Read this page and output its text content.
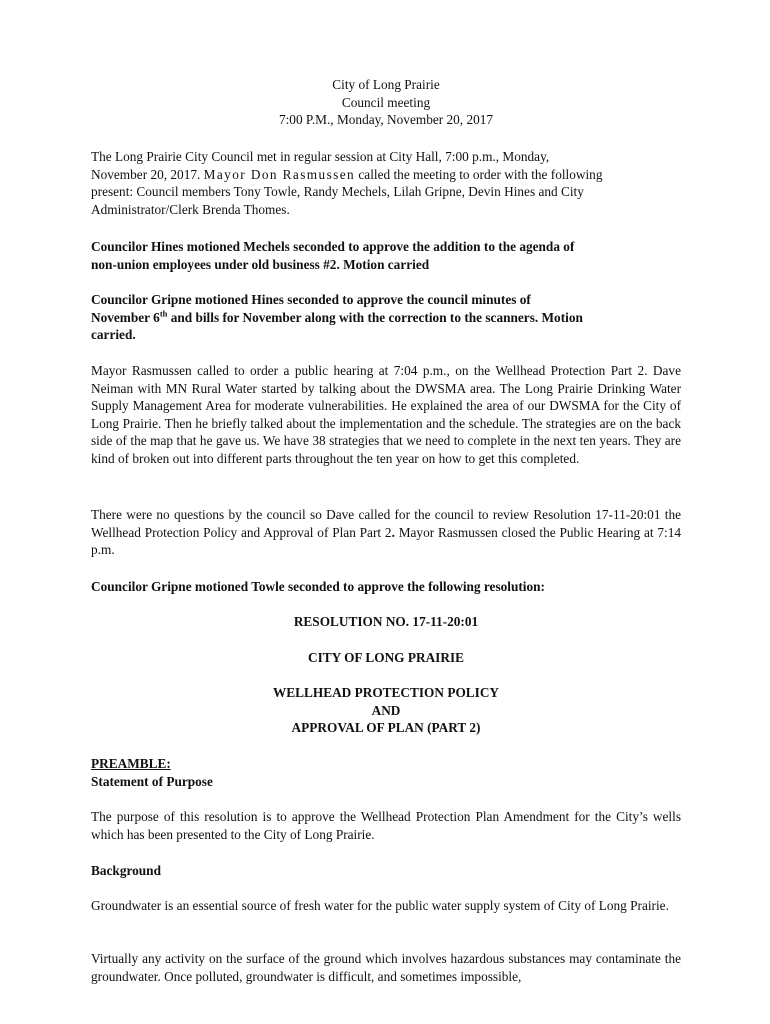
City of Long Prairie
Council meeting
7:00 P.M., Monday, November 20, 2017
The Long Prairie City Council met in regular session at City Hall, 7:00 p.m., Monday,
November 20, 2017. Mayor Don Rasmussen called the meeting to order with the following
present: Council members Tony Towle, Randy Mechels, Lilah Gripne, Devin Hines and City
Administrator/Clerk Brenda Thomes.
Councilor Hines motioned Mechels seconded to approve the addition to the agenda of
non-union employees under old business #2. Motion carried
Councilor Gripne motioned Hines seconded to approve the council minutes of
November 6th and bills for November along with the correction to the scanners. Motion
carried.

Mayor Rasmussen called to order a public hearing at 7:04 p.m., on the Wellhead Protection Part 2. Dave Neiman with MN Rural Water started by talking about the DWSMA area. The Long Prairie Drinking Water Supply Management Area for moderate vulnerabilities. He explained the area of our DWSMA for the City of Long Prairie. Then he briefly talked about the implementation and the schedule. The strategies are on the back side of the map that he gave us. We have 38 strategies that we need to complete in the next ten years. They are kind of broken out into different parts throughout the ten year on how to get this completed.

There were no questions by the council so Dave called for the council to review Resolution 17-11-20:01 the Wellhead Protection Policy and Approval of Plan Part 2. Mayor Rasmussen closed the Public Hearing at 7:14 p.m.

Councilor Gripne motioned Towle seconded to approve the following resolution:
RESOLUTION NO. 17-11-20:01
CITY OF LONG PRAIRIE
WELLHEAD PROTECTION POLICY
AND
APPROVAL OF PLAN (PART 2)
PREAMBLE:
Statement of Purpose

The purpose of this resolution is to approve the Wellhead Protection Plan Amendment for the City’s wells which has been presented to the City of Long Prairie.

Background

Groundwater is an essential source of fresh water for the public water supply system of City of Long Prairie.

Virtually any activity on the surface of the ground which involves hazardous substances may contaminate the groundwater. Once polluted, groundwater is difficult, and sometimes impossible,
